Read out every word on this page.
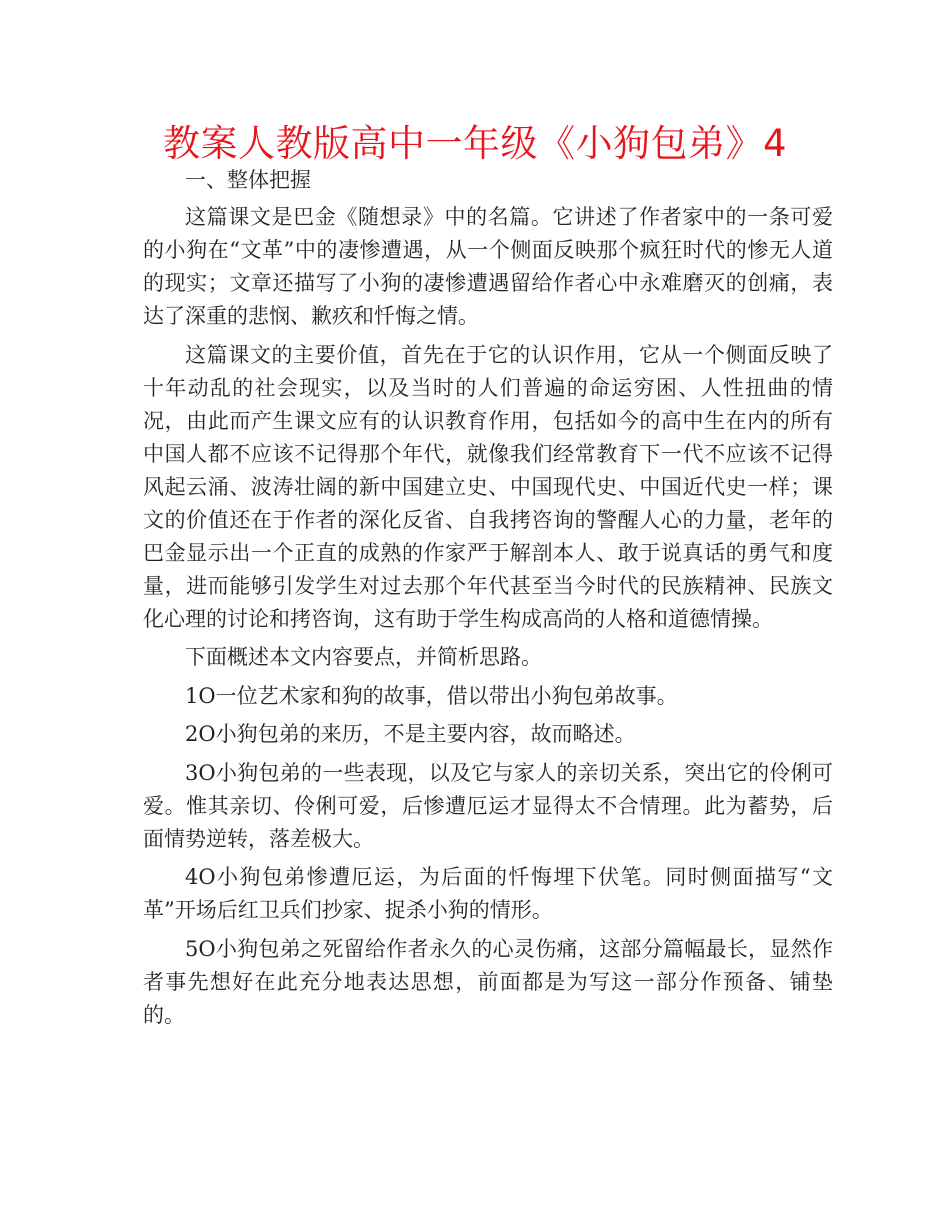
教案人教版高中一年级《小狗包弟》4

一、整体把握

这篇课文是巴金《随想录》中的名篇。它讲述了作者家中的一条可爱的小狗在“文革”中的凄惨遭遇，从一个侧面反映那个疯狂时代的惨无人道的现实；文章还描写了小狗的凄惨遭遇留给作者心中永难磨灭的创痛，表达了深重的悲悯、歉疚和忏悔之情。

这篇课文的主要价值，首先在于它的认识作用，它从一个侧面反映了十年动乱的社会现实，以及当时的人们普遍的命运穷困、人性扭曲的情况，由此而产生课文应有的认识教育作用，包括如今的高中生在内的所有中国人都不应该不记得那个年代，就像我们经常教育下一代不应该不记得风起云涌、波涛壮阔的新中国建立史、中国现代史、中国近代史一样；课文的价值还在于作者的深化反省、自我拷咨询的警醒人心的力量，老年的巴金显示出一个正直的成熟的作家严于解剖本人、敢于说真话的勇气和度量，进而能够引发学生对过去那个年代甚至当今时代的民族精神、民族文化心理的讨论和拷咨询，这有助于学生构成高尚的人格和道德情操。

下面概述本文内容要点，并简析思路。

1O一位艺术家和狗的故事，借以带出小狗包弟故事。

2O小狗包弟的来历，不是主要内容，故而略述。

3O小狗包弟的一些表现，以及它与家人的亲切关系，突出它的伶俐可爱。惟其亲切、伶俐可爱，后惨遭厄运才显得太不合情理。此为蓄势，后面情势逆转，落差极大。

4O小狗包弟惨遭厄运，为后面的忏悔埋下伏笔。同时侧面描写“文革”开场后红卫兵们抄家、捉杀小狗的情形。

5O小狗包弟之死留给作者永久的心灵伤痛，这部分篇幅最长，显然作者事先想好在此充分地表达思想，前面都是为写这一部分作预备、铺垫的。
